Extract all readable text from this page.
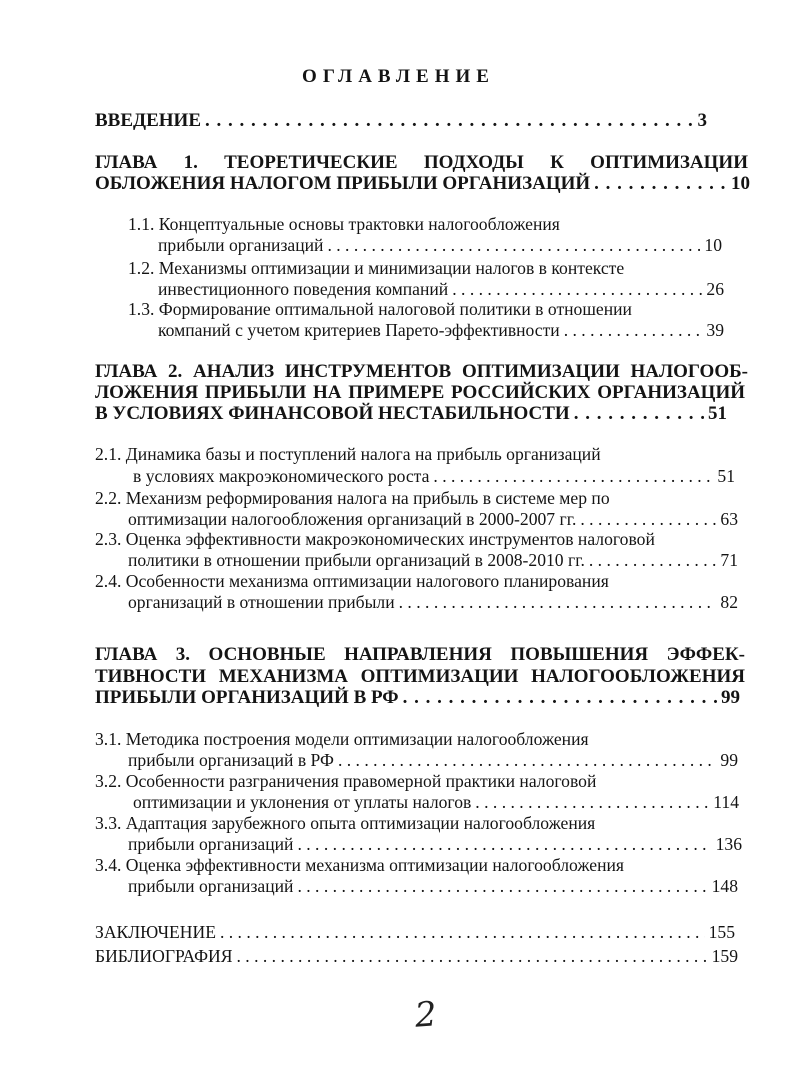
ОГЛАВЛЕНИЕ
ВВЕДЕНИЕ . . .	3
ГЛАВА 1. ТЕОРЕТИЧЕСКИЕ ПОДХОДЫ К ОПТИМИЗАЦИИ
ОБЛОЖЕНИЯ НАЛОГОМ ПРИБЫЛИ ОРГАНИЗАЦИЙ . . .	10
1.1. Концептуальные основы трактовки налогообложения
прибыли организаций . . .	10
1.2. Механизмы оптимизации и минимизации налогов в контексте
инвестиционного поведения компаний . . .	26
1.3. Формирование оптимальной налоговой политики в отношении
компаний с учетом критериев Парето-эффективности . . .	39
ГЛАВА 2. АНАЛИЗ ИНСТРУМЕНТОВ ОПТИМИЗАЦИИ НАЛОГООБ-
ЛОЖЕНИЯ ПРИБЫЛИ НА ПРИМЕРЕ РОССИЙСКИХ ОРГАНИЗАЦИЙ
В УСЛОВИЯХ ФИНАНСОВОЙ НЕСТАБИЛЬНОСТИ . . .	51
2.1. Динамика базы и поступлений налога на прибыль организаций
в условиях макроэкономического роста . . .	51
2.2. Механизм реформирования налога на прибыль в системе мер по
оптимизации налогообложения организаций в 2000-2007 гг. . . .	63
2.3. Оценка эффективности макроэкономических инструментов налоговой
политики в отношении прибыли организаций в 2008-2010 гг. . . .	71
2.4. Особенности механизма оптимизации налогового планирования
организаций в отношении прибыли . . .	82
ГЛАВА 3. ОСНОВНЫЕ НАПРАВЛЕНИЯ ПОВЫШЕНИЯ ЭФФЕК-
ТИВНОСТИ МЕХАНИЗМА ОПТИМИЗАЦИИ НАЛОГООБЛОЖЕНИЯ
ПРИБЫЛИ ОРГАНИЗАЦИЙ В РФ . . .	99
3.1. Методика построения модели оптимизации налогообложения
прибыли организаций в РФ . . .	99
3.2. Особенности разграничения правомерной практики налоговой
оптимизации и уклонения от уплаты налогов . . .	114
3.3. Адаптация зарубежного опыта оптимизации налогообложения
прибыли организаций . . .	136
3.4. Оценка эффективности механизма оптимизации налогообложения
прибыли организаций . . .	148
ЗАКЛЮЧЕНИЕ . . .	155
БИБЛИОГРАФИЯ . . .	159
2
